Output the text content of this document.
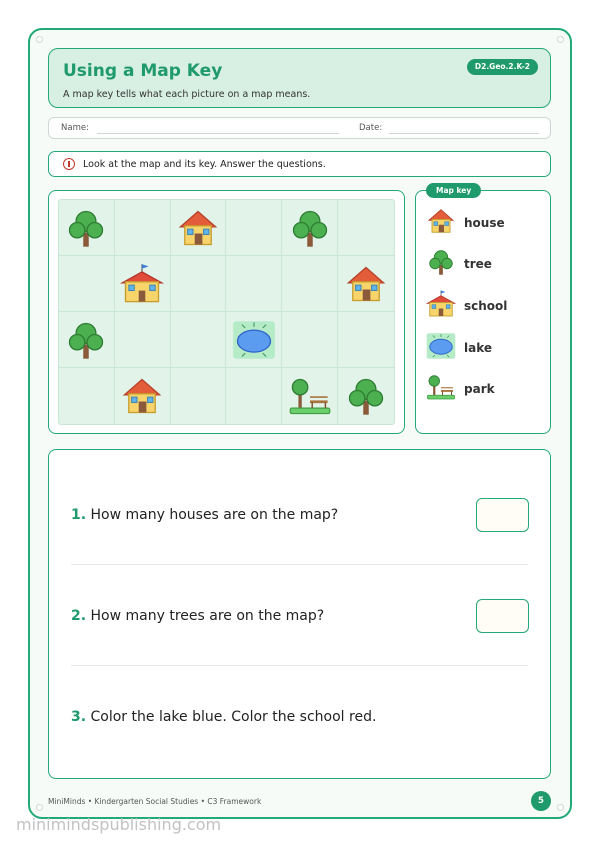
Using a Map Key
A map key tells what each picture on a map means.
D2.Geo.2.K-2
Name:	Date:
Look at the map and its key. Answer the questions.
Map key
house
tree
school
lake
park
1. How many houses are on the map?
2. How many trees are on the map?
3. Color the lake blue. Color the school red.
MiniMinds • Kindergarten Social Studies • C3 Framework	5
minimindspublishing.com
